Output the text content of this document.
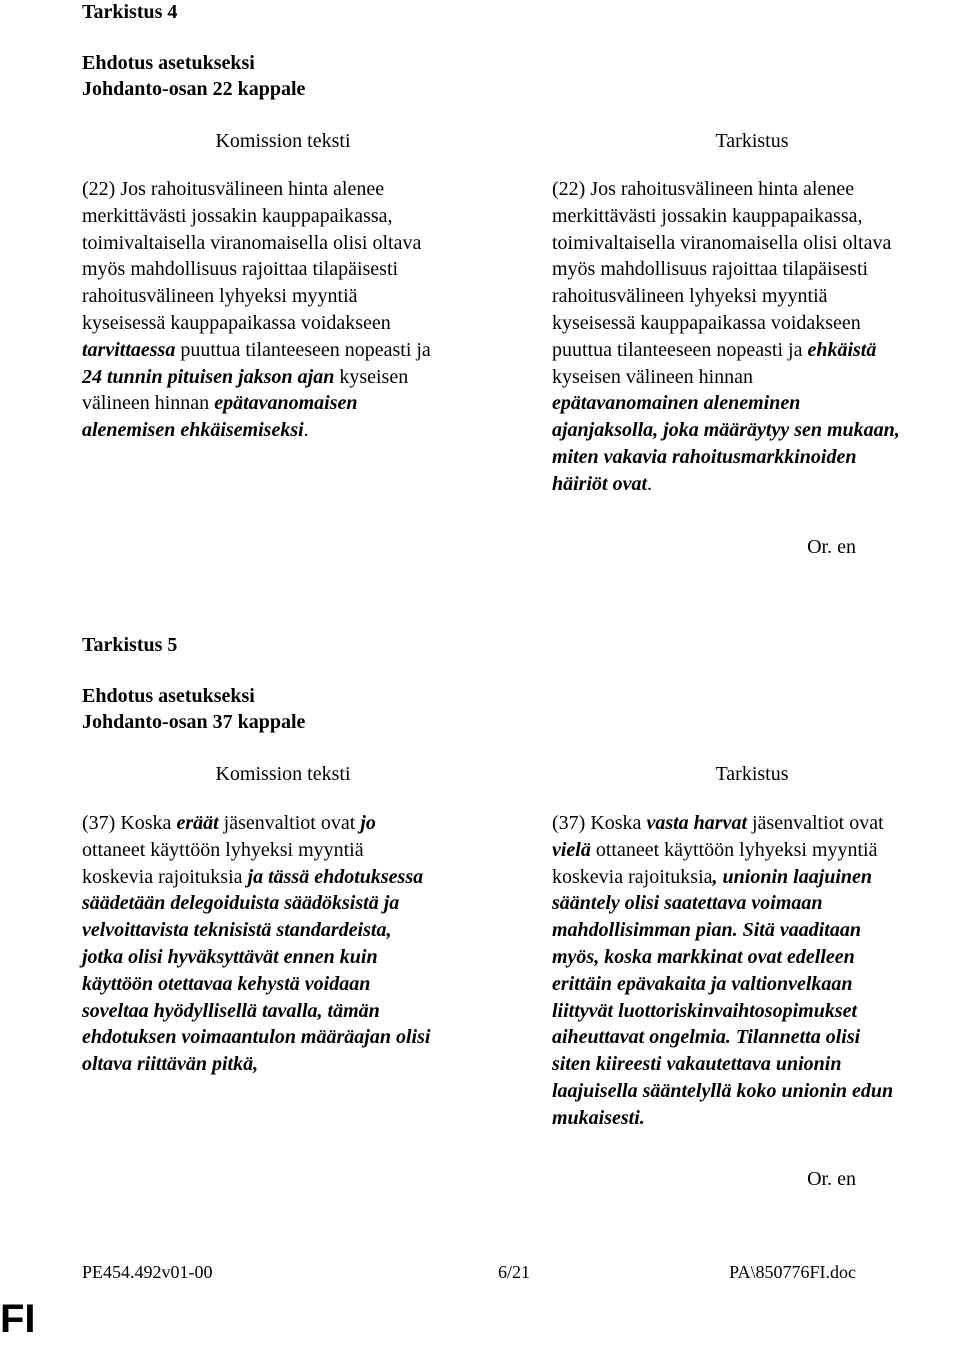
Tarkistus 4

Ehdotus asetukseksi

Johdanto-osan 22 kappale

Komission teksti	Tarkistus

(22) Jos rahoitusvälineen hinta alenee
merkittävästi jossakin kauppapaikassa,
toimivaltaisella viranomaisella olisi oltava
myös mahdollisuus rajoittaa tilapäisesti
rahoitusvälineen lyhyeksi myyntiä
kyseisessä kauppapaikassa voidakseen
tarvittaessa puuttua tilanteeseen nopeasti ja
24 tunnin pituisen jakson ajan kyseisen
välineen hinnan epätavanomaisen
alenemisen ehkäisemiseksi.
(22) Jos rahoitusvälineen hinta alenee
merkittävästi jossakin kauppapaikassa,
toimivaltaisella viranomaisella olisi oltava
myös mahdollisuus rajoittaa tilapäisesti
rahoitusvälineen lyhyeksi myyntiä
kyseisessä kauppapaikassa voidakseen
puuttua tilanteeseen nopeasti ja ehkäistä
kyseisen välineen hinnan
epätavanomainen aleneminen
ajanjaksolla, joka määräytyy sen mukaan,
miten vakavia rahoitusmarkkinoiden
häiriöt ovat.

Or. en

Tarkistus 5

Ehdotus asetukseksi

Johdanto-osan 37 kappale

Komission teksti	Tarkistus

(37) Koska eräät jäsenvaltiot ovat jo
ottaneet käyttöön lyhyeksi myyntiä
koskevia rajoituksia ja tässä ehdotuksessa
säädetään delegoiduista säädöksistä ja
velvoittavista teknisistä standardeista,
jotka olisi hyväksyttävät ennen kuin
käyttöön otettavaa kehystä voidaan
soveltaa hyödyllisellä tavalla, tämän
ehdotuksen voimaantulon määräajan olisi
oltava riittävän pitkä,
(37) Koska vasta harvat jäsenvaltiot ovat
vielä ottaneet käyttöön lyhyeksi myyntiä
koskevia rajoituksia, unionin laajuinen
sääntely olisi saatettava voimaan
mahdollisimman pian. Sitä vaaditaan
myös, koska markkinat ovat edelleen
erittäin epävakaita ja valtionvelkaan
liittyvät luottoriskinvaihtosopimukset
aiheuttavat ongelmia. Tilannetta olisi
siten kiireesti vakautettava unionin
laajuisella sääntelyllä koko unionin edun
mukaisesti.

Or. en

PE454.492v01-00	6/21	PA\850776FI.doc

FI
